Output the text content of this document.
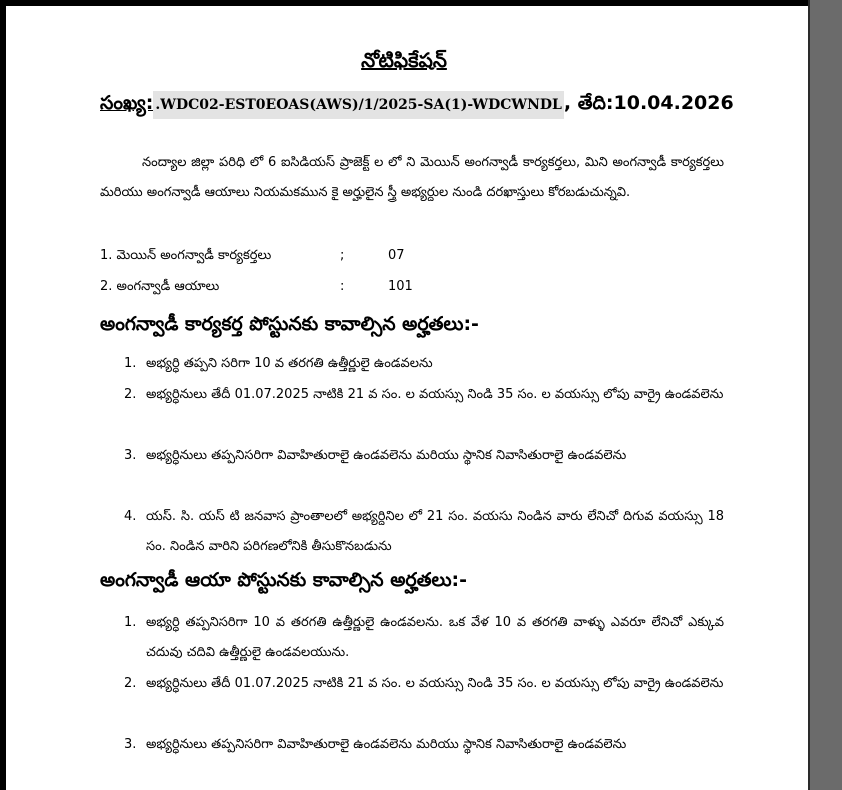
నోటిఫికేషన్
సంఖ్య: .WDC02-EST0EOAS(AWS)/1/2025-SA(1)-WDCWNDL , తేది:10.04.2026
నంద్యాల జిల్లా పరిధి లో 6 ఐసిడియస్ ప్రాజెక్ట్ ల లో ని మెయిన్ అంగన్వాడీ కార్యకర్తలు, మిని అంగన్వాడీ కార్యకర్తలు మరియు అంగన్వాడీ ఆయాలు నియమకమున కై అర్హులైన స్త్రీ అభ్యర్దుల నుండి దరఖాస్తులు కోరబడుచున్నవి.
1. మెయిన్ అంగన్వాడీ కార్యకర్తలు	;	07
2. అంగన్వాడీ ఆయాలు	:	101
అంగన్వాడీ కార్యకర్త పోస్టునకు కావాల్సిన అర్హతలు:-
1. అభ్యర్ధి తప్పని సరిగా 10 వ తరగతి ఉత్తీర్ణులై ఉండవలను
2. అభ్యర్ధినులు తేదీ 01.07.2025 నాటికి 21 వ సం. ల వయస్సు నిండి 35 సం. ల వయస్సు లోపు వార్రై ఉండవలెను
3. అభ్యర్ధినులు తప్పనిసరిగా వివాహితురాలై ఉండవలెను మరియు స్థానిక నివాసితురాలై ఉండవలెను
4. యస్. సి. యస్ టి జనవాస ప్రాంతాలలో అభ్యర్దినిల లో 21 సం. వయసు నిండిన వారు లేనిచో దిగువ వయస్సు 18 సం. నిండిన వారిని పరిగణలోనికి తీసుకొనబడును
అంగన్వాడీ ఆయా పోస్టునకు కావాల్సిన అర్హతలు:-
1. అభ్యర్ధి తప్పనిసరిగా 10 వ తరగతి ఉత్తీర్ణులై ఉండవలను. ఒక వేళ 10 వ తరగతి వాళ్ళు ఎవరూ లేనిచో ఎక్కువ చదువు చదివి ఉత్తీర్ణులై ఉండవలయును.
2. అభ్యర్ధినులు తేదీ 01.07.2025 నాటికి 21 వ సం. ల వయస్సు నిండి 35 సం. ల వయస్సు లోపు వార్రై ఉండవలెను
3. అభ్యర్ధినులు తప్పనిసరిగా వివాహితురాలై ఉండవలెను మరియు స్థానిక నివాసితురాలై ఉండవలెను
